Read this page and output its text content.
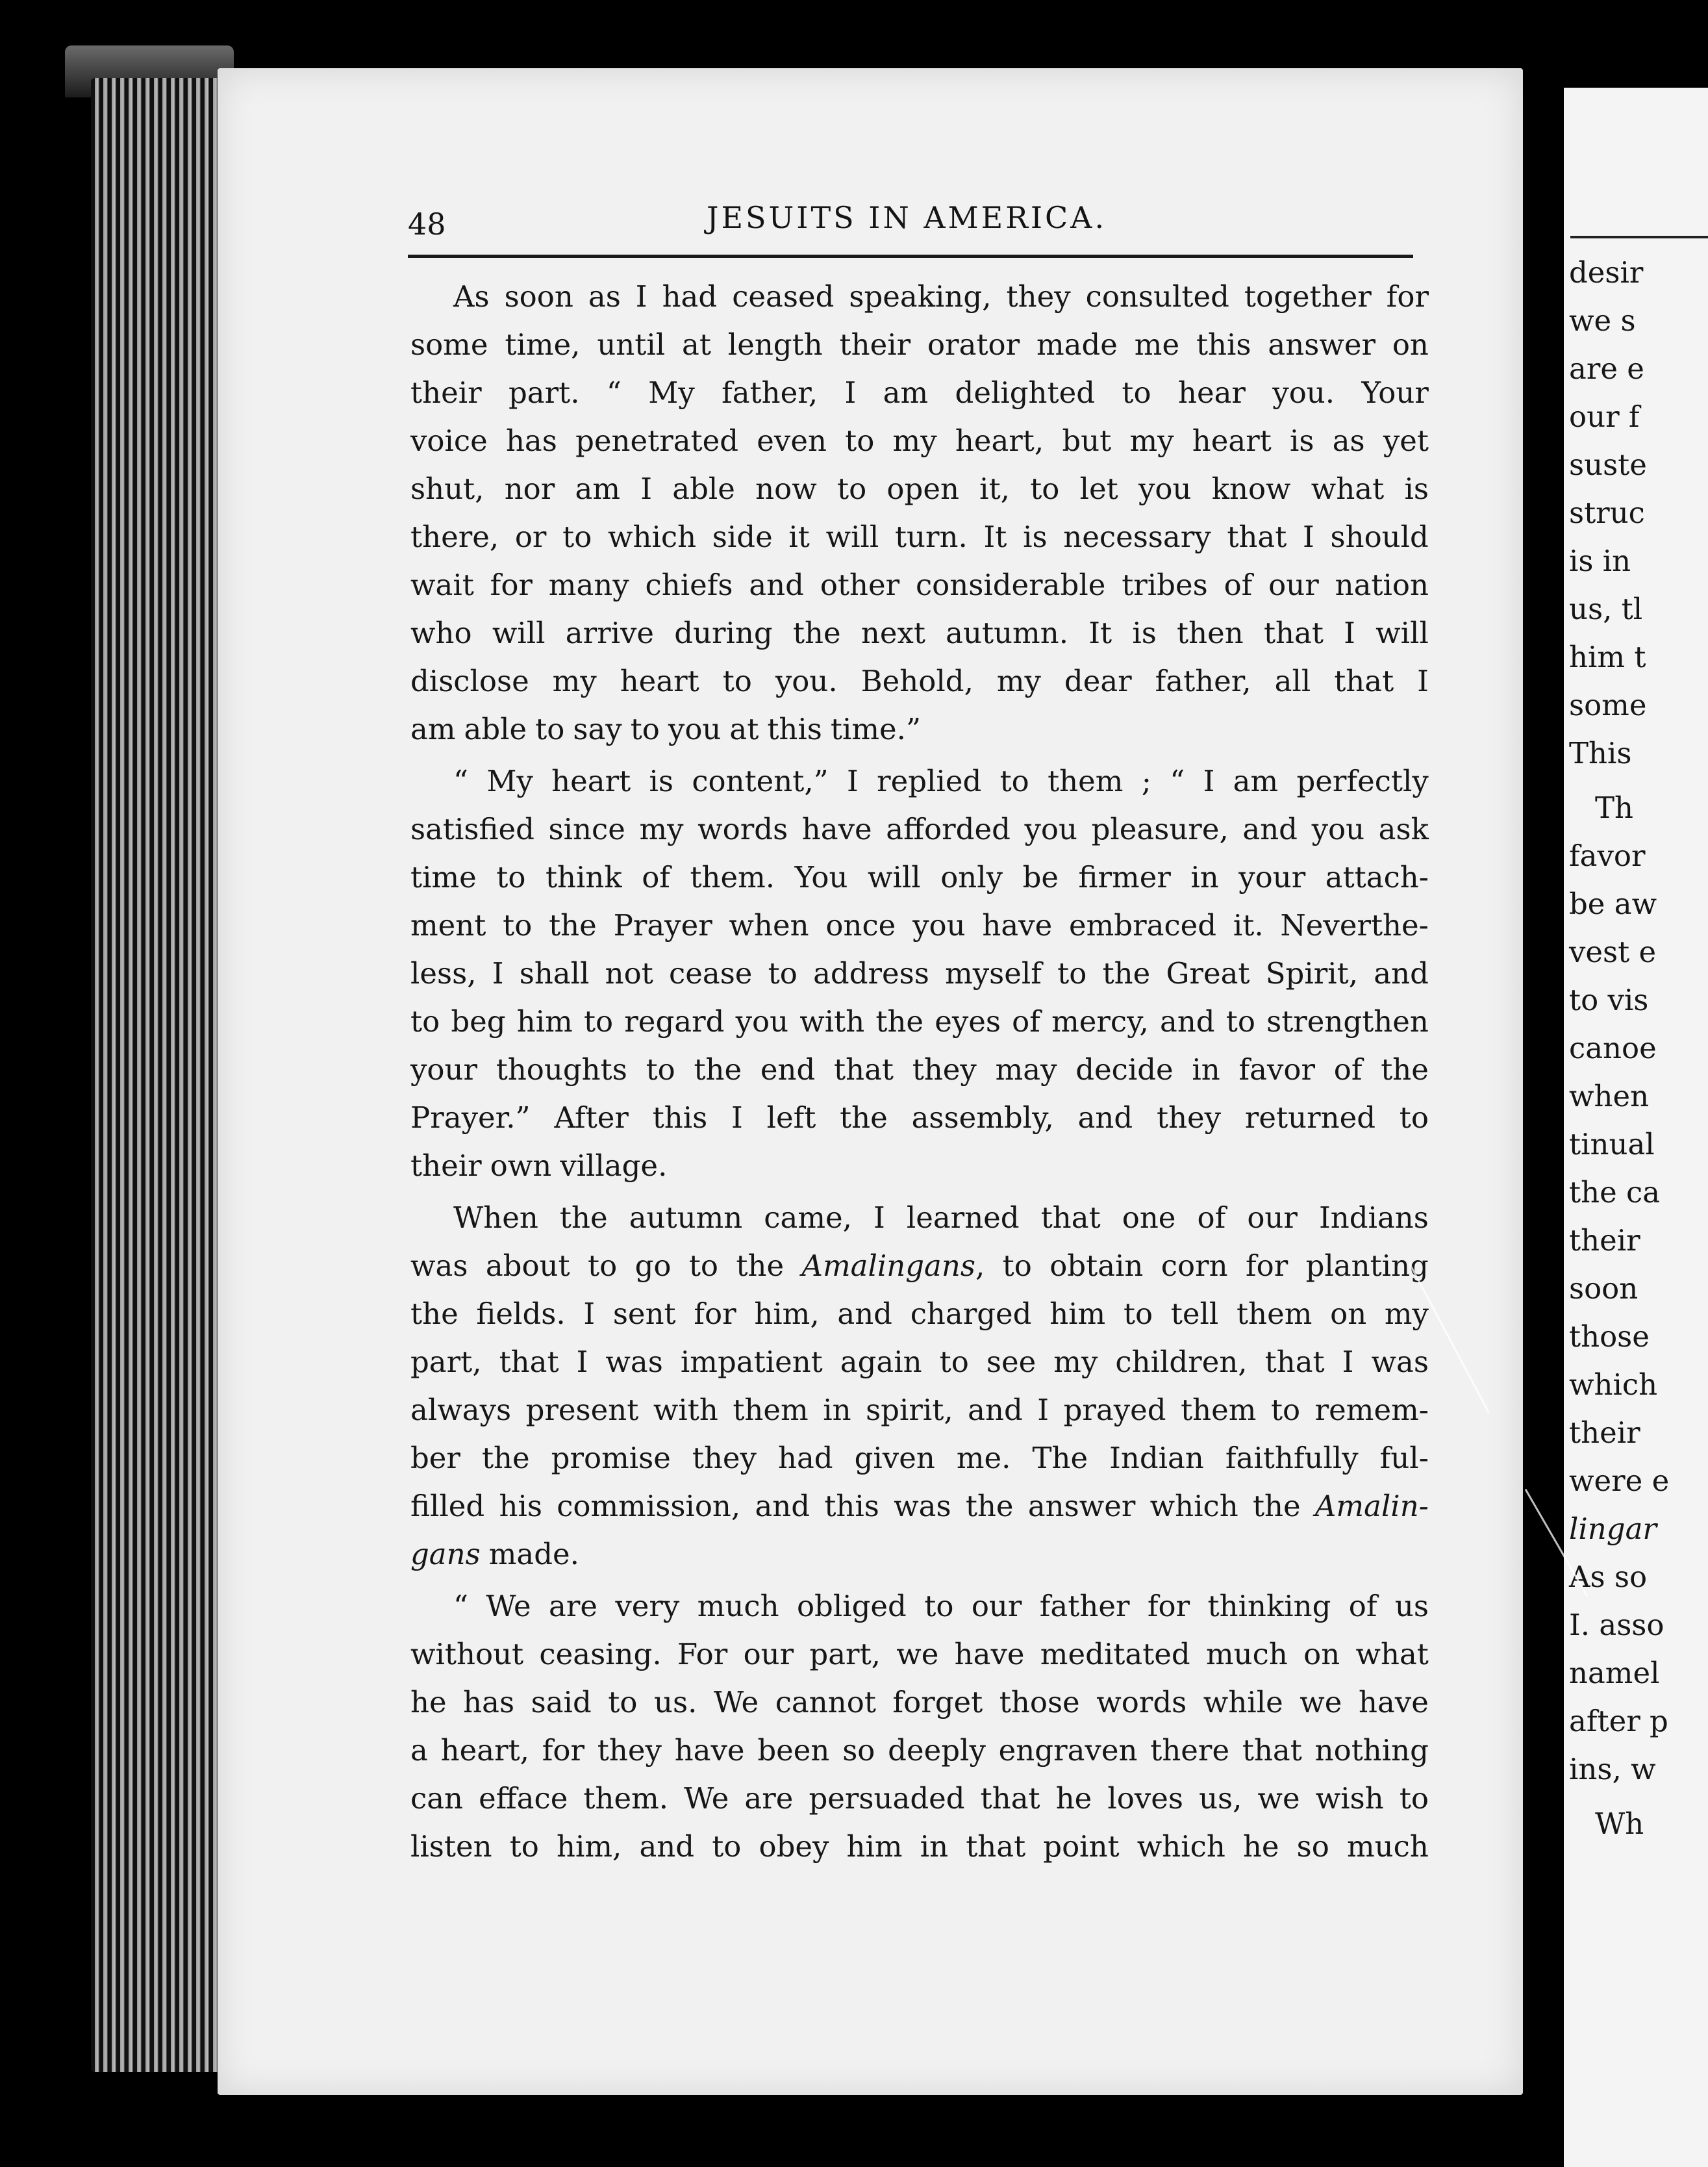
48	JESUITS IN AMERICA.
As soon as I had ceased speaking, they consulted together for
some time, until at length their orator made me this answer on
their part. “ My father, I am delighted to hear you. Your
voice has penetrated even to my heart, but my heart is as yet
shut, nor am I able now to open it, to let you know what is
there, or to which side it will turn. It is necessary that I should
wait for many chiefs and other considerable tribes of our nation
who will arrive during the next autumn. It is then that I will
disclose my heart to you. Behold, my dear father, all that I
am able to say to you at this time.”
“ My heart is content,” I replied to them ; “ I am perfectly
satisfied since my words have afforded you pleasure, and you ask
time to think of them. You will only be firmer in your attach-
ment to the Prayer when once you have embraced it. Neverthe-
less, I shall not cease to address myself to the Great Spirit, and
to beg him to regard you with the eyes of mercy, and to strengthen
your thoughts to the end that they may decide in favor of the
Prayer.” After this I left the assembly, and they returned to
their own village.
When the autumn came, I learned that one of our Indians
was about to go to the Amalingans, to obtain corn for planting
the fields. I sent for him, and charged him to tell them on my
part, that I was impatient again to see my children, that I was
always present with them in spirit, and I prayed them to remem-
ber the promise they had given me. The Indian faithfully ful-
filled his commission, and this was the answer which the Amalin-
gans made.
“ We are very much obliged to our father for thinking of us
without ceasing. For our part, we have meditated much on what
he has said to us. We cannot forget those words while we have
a heart, for they have been so deeply engraven there that nothing
can efface them. We are persuaded that he loves us, we wish to
listen to him, and to obey him in that point which he so much
desir
we s
are e
our f
suste
struc
is in
us, tl
him t
some
This
Th
favor
be aw
vest e
to vis
canoe
when
tinual
the ca
their
soon
those
which
their
were e
lingar
As so
I. asso
namel
after p
ins, w
Wh
